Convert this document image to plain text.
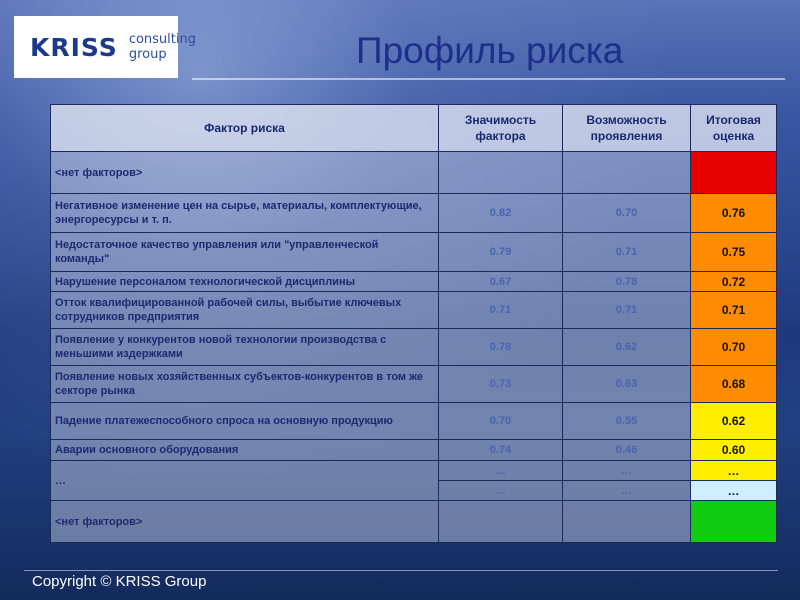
KRISS consulting
group	Профиль риска
Фактор риска	Значимость фактора	Возможность проявления	Итоговая оценка
<нет факторов>			
Негативное изменение цен на сырье, материалы, комплектующие, энергоресурсы и т. п.	0.82	0.70	0.76
Недостаточное качество управления или "управленческой команды"	0.79	0.71	0.75
Нарушение персоналом технологической дисциплины	0.67	0.78	0.72
Отток квалифицированной рабочей силы, выбытие ключевых сотрудников предприятия	0.71	0.71	0.71
Появление у конкурентов новой технологии производства с меньшими издержками	0.78	0.62	0.70
Появление новых хозяйственных субъектов-конкурентов в том же секторе рынка	0.73	0.63	0.68
Падение платежеспособного спроса на основную продукцию	0.70	0.55	0.62
Аварии основного оборудования	0.74	0.46	0.60
…	…	…	…
	…	…	…
<нет факторов>			
Copyright © KRISS Group
